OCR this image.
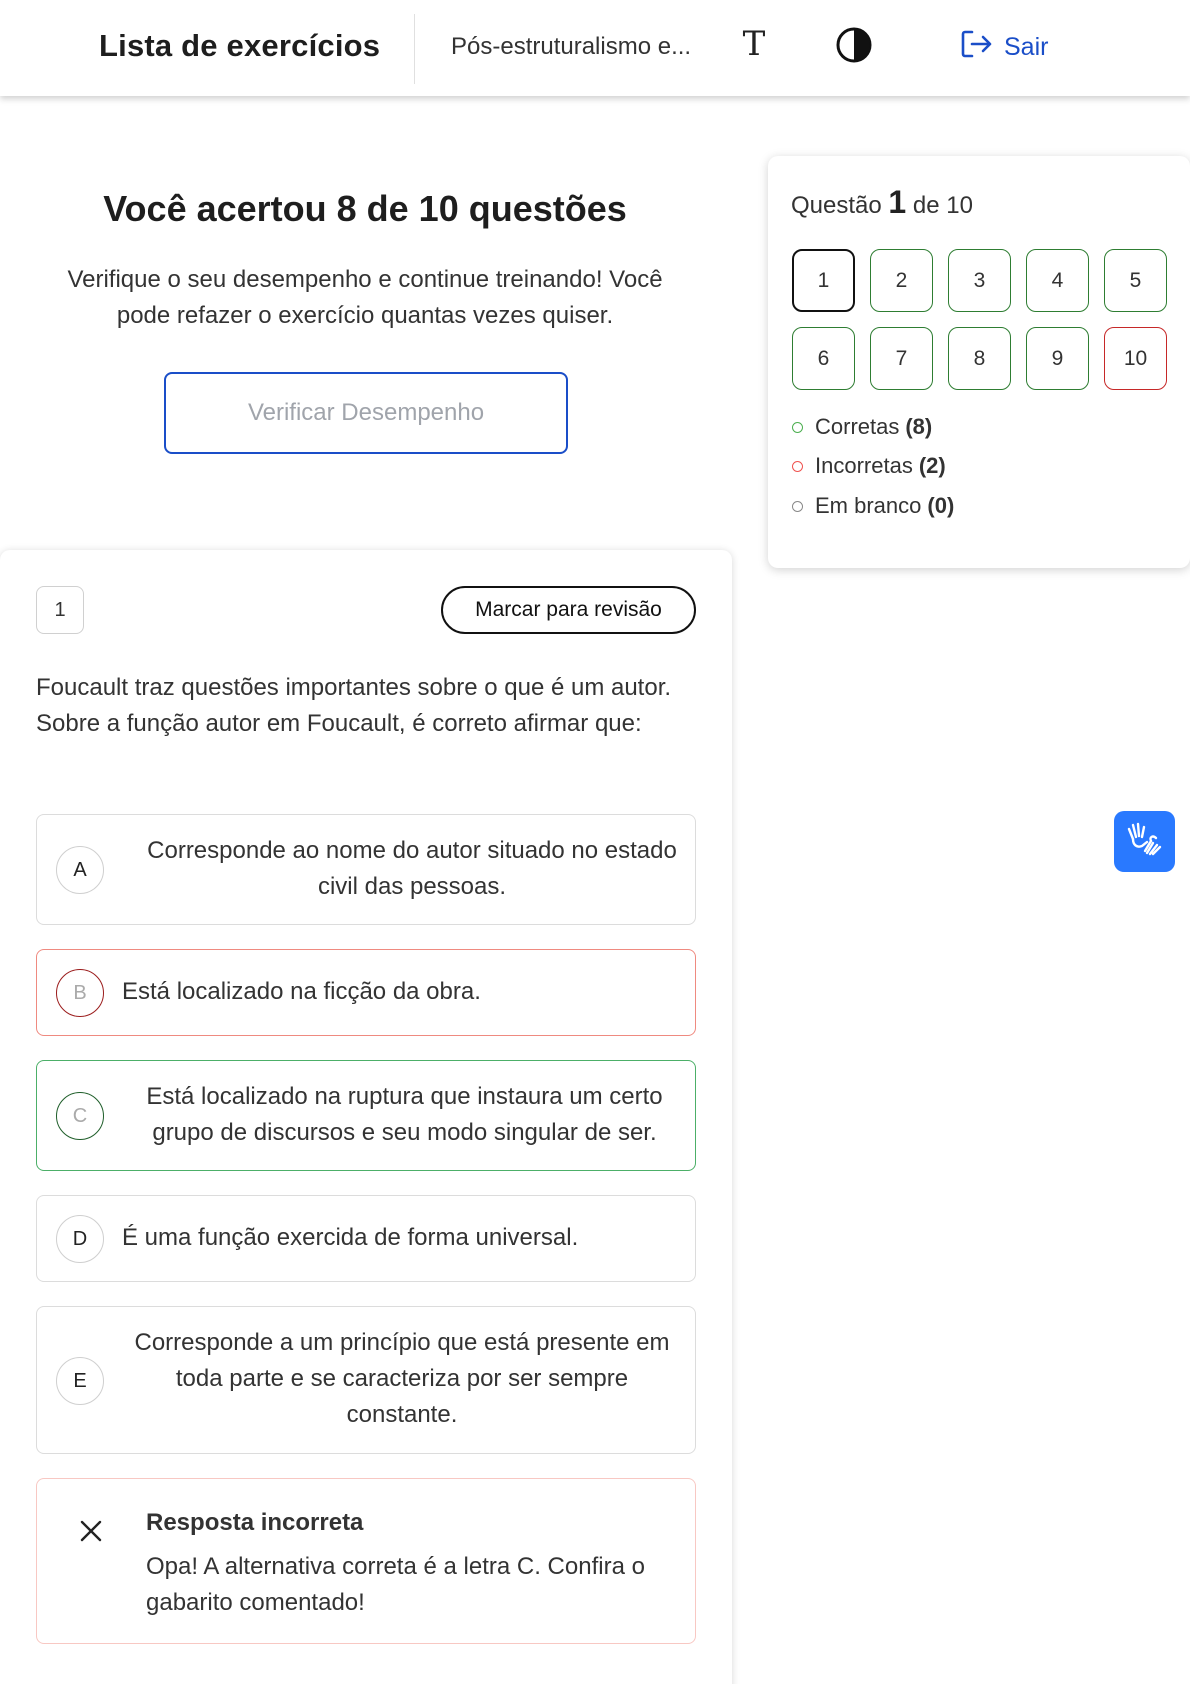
Lista de exercícios	Pós-estruturalismo e... T	Sair
Você acertou 8 de 10 questões
Verifique o seu desempenho e continue treinando! Você pode refazer o exercício quantas vezes quiser.
Verificar Desempenho
Questão 1 de 10
1	2	3	4	5
6	7	8	9	10
Corretas (8)
Incorretas (2)
Em branco (0)
1	Marcar para revisão
Foucault traz questões importantes sobre o que é um autor. Sobre a função autor em Foucault, é correto afirmar que:
A
Corresponde ao nome do autor situado no estado civil das pessoas.
B	Está localizado na ficção da obra.
C
Está localizado na ruptura que instaura um certo grupo de discursos e seu modo singular de ser.
D	É uma função exercida de forma universal.
E
Corresponde a um princípio que está presente em toda parte e se caracteriza por ser sempre constante.
Resposta incorreta
Opa! A alternativa correta é a letra C. Confira o gabarito comentado!
